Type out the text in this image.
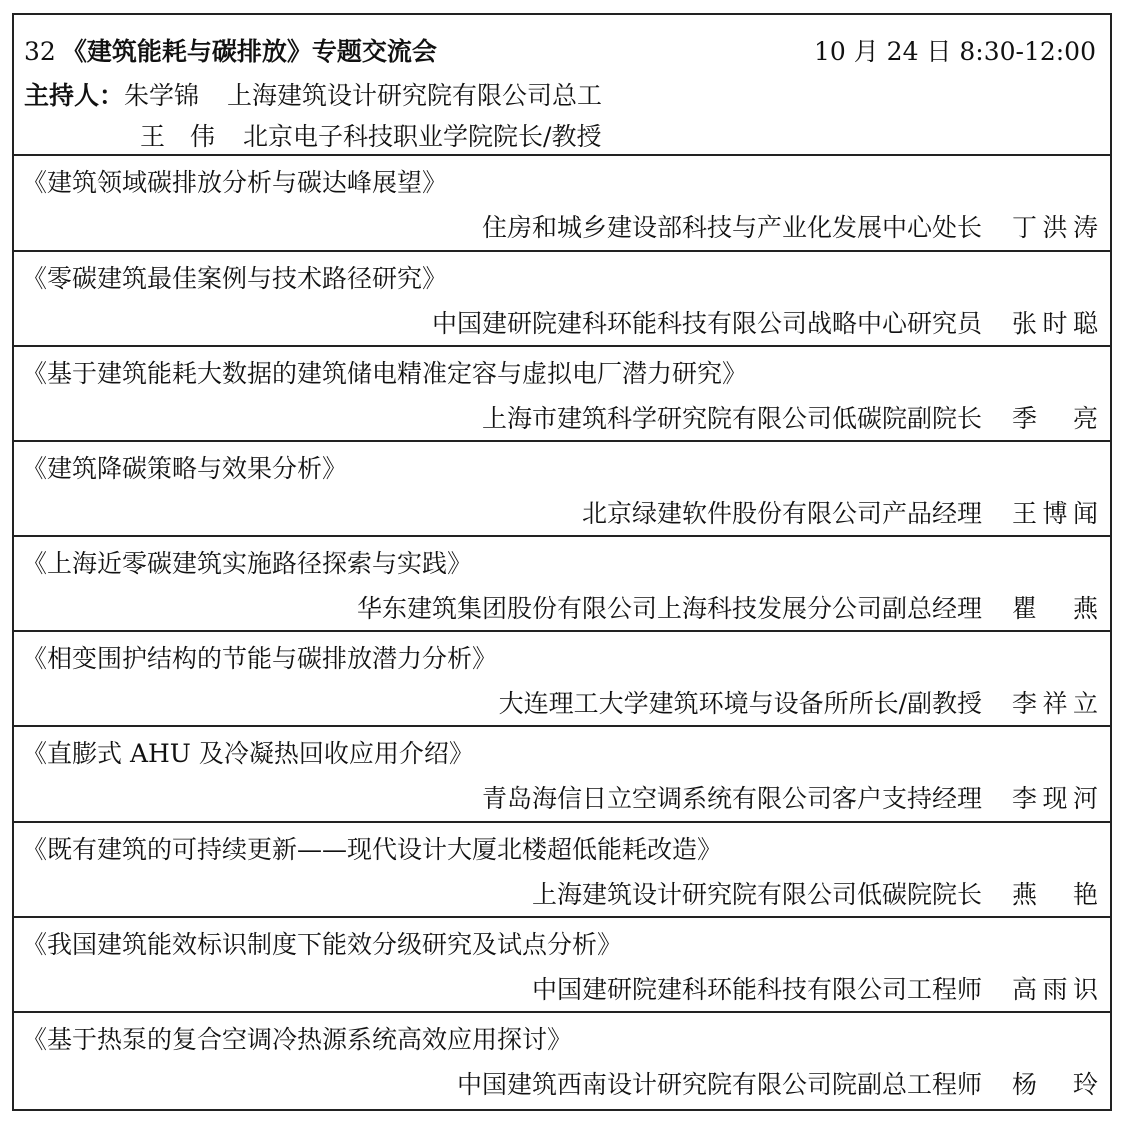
32 《建筑能耗与碳排放》专题交流会	10 月 24 日 8:30-12:00
主持人：朱学锦 上海建筑设计研究院有限公司总工
王　伟 北京电子科技职业学院院长/教授
《建筑领域碳排放分析与碳达峰展望》
住房和城乡建设部科技与产业化发展中心处长 丁洪涛
《零碳建筑最佳案例与技术路径研究》
中国建研院建科环能科技有限公司战略中心研究员 张时聪
《基于建筑能耗大数据的建筑储电精准定容与虚拟电厂潜力研究》
上海市建筑科学研究院有限公司低碳院副院长 季　亮
《建筑降碳策略与效果分析》
北京绿建软件股份有限公司产品经理 王博闻
《上海近零碳建筑实施路径探索与实践》
华东建筑集团股份有限公司上海科技发展分公司副总经理 瞿　燕
《相变围护结构的节能与碳排放潜力分析》
大连理工大学建筑环境与设备所所长/副教授 李祥立
《直膨式 AHU 及冷凝热回收应用介绍》
青岛海信日立空调系统有限公司客户支持经理 李现河
《既有建筑的可持续更新——现代设计大厦北楼超低能耗改造》
上海建筑设计研究院有限公司低碳院院长 燕　艳
《我国建筑能效标识制度下能效分级研究及试点分析》
中国建研院建科环能科技有限公司工程师 高雨识
《基于热泵的复合空调冷热源系统高效应用探讨》
中国建筑西南设计研究院有限公司院副总工程师 杨　玲
